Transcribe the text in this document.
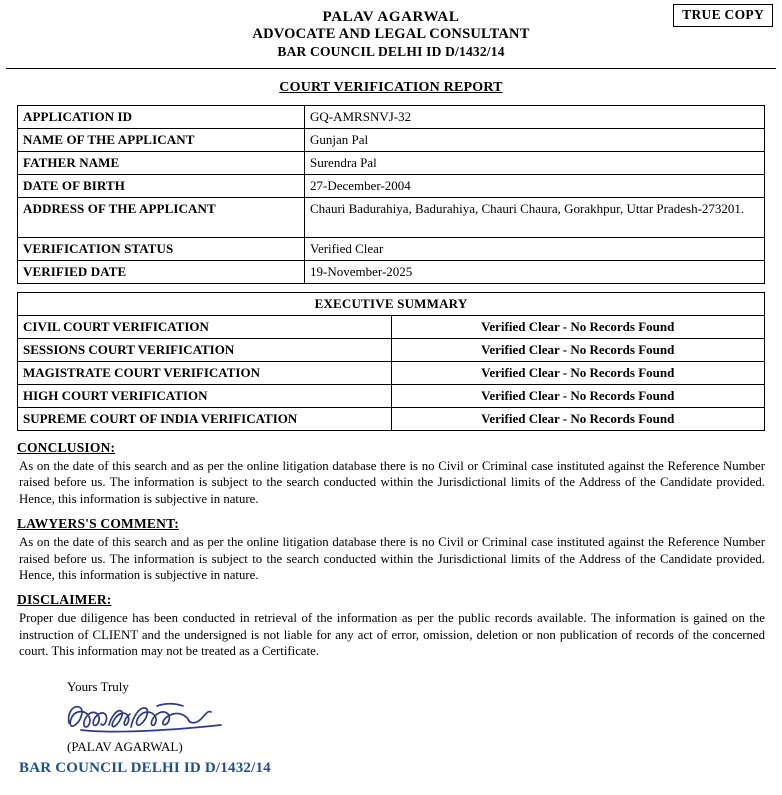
TRUE COPY
PALAV AGARWAL
ADVOCATE AND LEGAL CONSULTANT
BAR COUNCIL DELHI ID D/1432/14
COURT VERIFICATION REPORT
APPLICATION ID	GQ-AMRSNVJ-32
NAME OF THE APPLICANT	Gunjan Pal
FATHER NAME	Surendra Pal
DATE OF BIRTH	27-December-2004
ADDRESS OF THE APPLICANT	Chauri Badurahiya, Badurahiya, Chauri Chaura, Gorakhpur, Uttar Pradesh-273201.
VERIFICATION STATUS	Verified Clear
VERIFIED DATE	19-November-2025
EXECUTIVE SUMMARY	
CIVIL COURT VERIFICATION	Verified Clear - No Records Found
SESSIONS COURT VERIFICATION	Verified Clear - No Records Found
MAGISTRATE COURT VERIFICATION	Verified Clear - No Records Found
HIGH COURT VERIFICATION	Verified Clear - No Records Found
SUPREME COURT OF INDIA VERIFICATION	Verified Clear - No Records Found
CONCLUSION:
As on the date of this search and as per the online litigation database there is no Civil or Criminal case instituted against the Reference Number raised before us. The information is subject to the search conducted within the Jurisdictional limits of the Address of the Candidate provided. Hence, this information is subjective in nature.
LAWYERS'S COMMENT:
As on the date of this search and as per the online litigation database there is no Civil or Criminal case instituted against the Reference Number raised before us. The information is subject to the search conducted within the Jurisdictional limits of the Address of the Candidate provided. Hence, this information is subjective in nature.
DISCLAIMER:
Proper due diligence has been conducted in retrieval of the information as per the public records available. The information is gained on the instruction of CLIENT and the undersigned is not liable for any act of error, omission, deletion or non publication of records of the concerned court. This information may not be treated as a Certificate.
Yours Truly
(PALAV AGARWAL)
BAR COUNCIL DELHI ID D/1432/14
